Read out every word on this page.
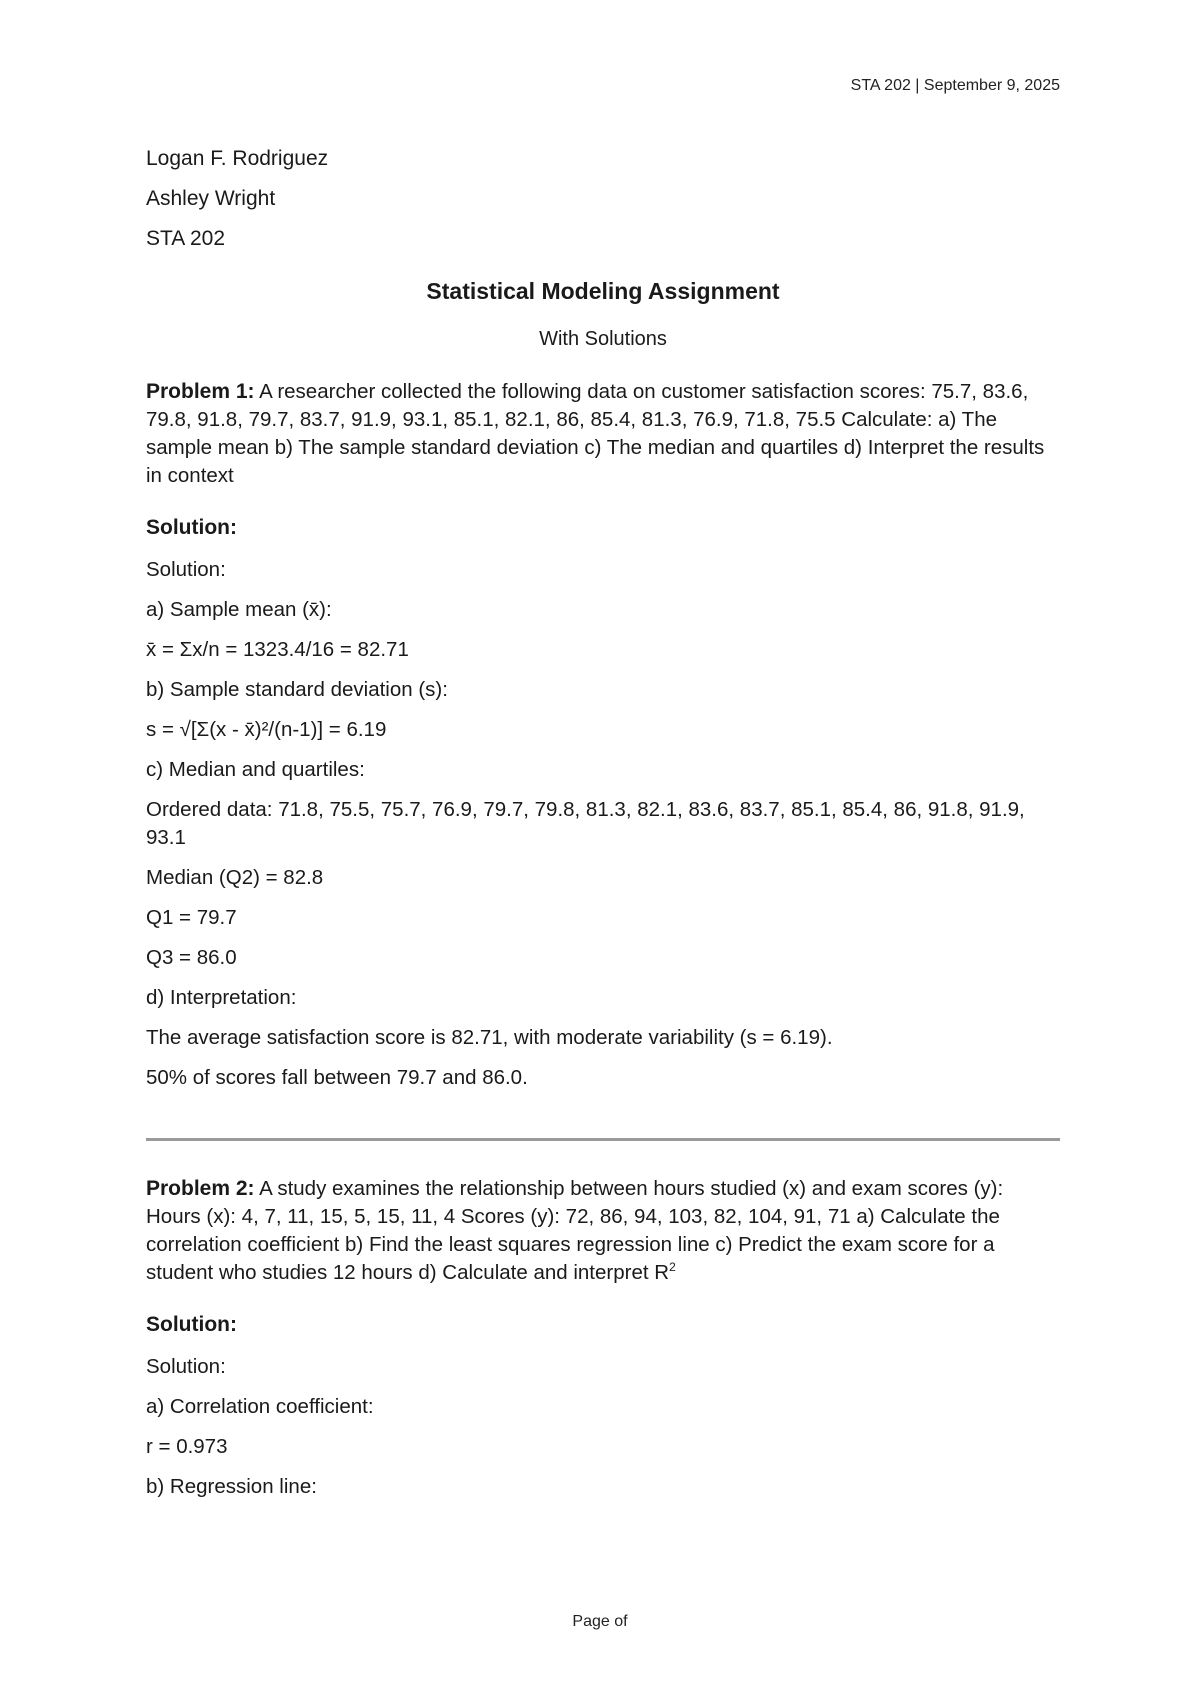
STA 202 | September 9, 2025

Logan F. Rodriguez

Ashley Wright

STA 202

Statistical Modeling Assignment
With Solutions

Problem 1: A researcher collected the following data on customer satisfaction scores: 75.7, 83.6, 79.8, 91.8, 79.7, 83.7, 91.9, 93.1, 85.1, 82.1, 86, 85.4, 81.3, 76.9, 71.8, 75.5 Calculate: a) The sample mean b) The sample standard deviation c) The median and quartiles d) Interpret the results in context

Solution:

Solution:

a) Sample mean (x̄):

x̄ = Σx/n = 1323.4/16 = 82.71

b) Sample standard deviation (s):

s = √[Σ(x - x̄)²/(n-1)] = 6.19

c) Median and quartiles:

Ordered data: 71.8, 75.5, 75.7, 76.9, 79.7, 79.8, 81.3, 82.1, 83.6, 83.7, 85.1, 85.4, 86, 91.8, 91.9, 93.1

Median (Q2) = 82.8

Q1 = 79.7

Q3 = 86.0

d) Interpretation:

The average satisfaction score is 82.71, with moderate variability (s = 6.19).

50% of scores fall between 79.7 and 86.0.

Problem 2: A study examines the relationship between hours studied (x) and exam scores (y): Hours (x): 4, 7, 11, 15, 5, 15, 11, 4 Scores (y): 72, 86, 94, 103, 82, 104, 91, 71 a) Calculate the correlation coefficient b) Find the least squares regression line c) Predict the exam score for a student who studies 12 hours d) Calculate and interpret $R^2$

Solution:

Solution:

a) Correlation coefficient:

r = 0.973

b) Regression line:

Page of
